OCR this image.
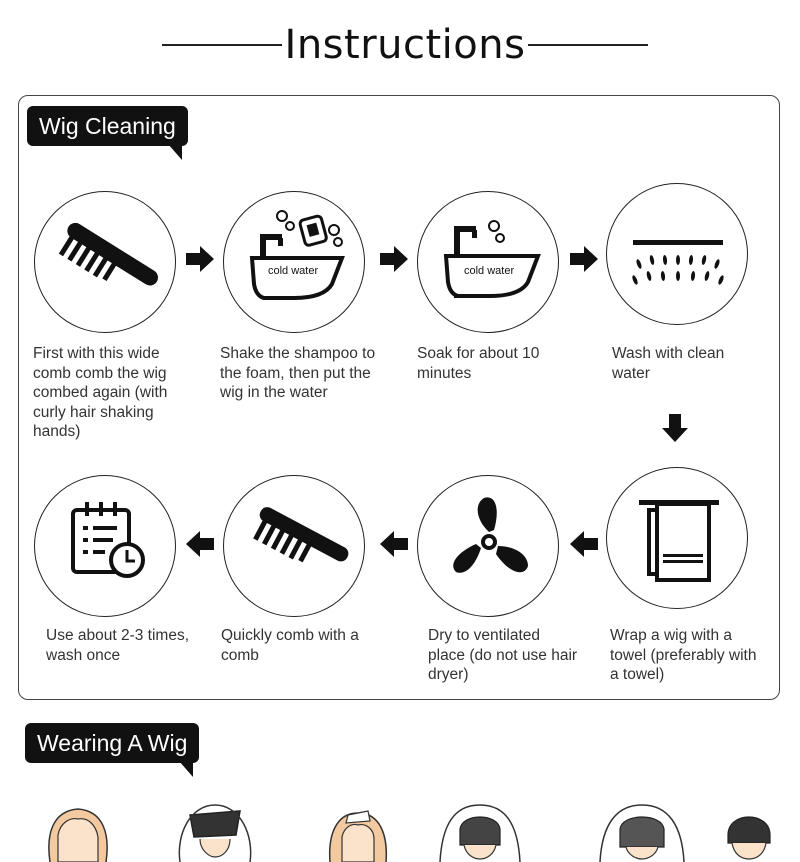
Instructions
Wig Cleaning
cold water	cold water
First with this wide comb comb the wig combed again (with curly hair shaking hands)
Shake the shampoo to the foam, then put the wig in the water
Soak for about 10 minutes
Wash with clean water
Use about 2-3 times, wash once
Quickly comb with a comb
Dry to ventilated place (do not use hair dryer)
Wrap a wig with a towel (preferably with a towel)
Wearing A Wig
